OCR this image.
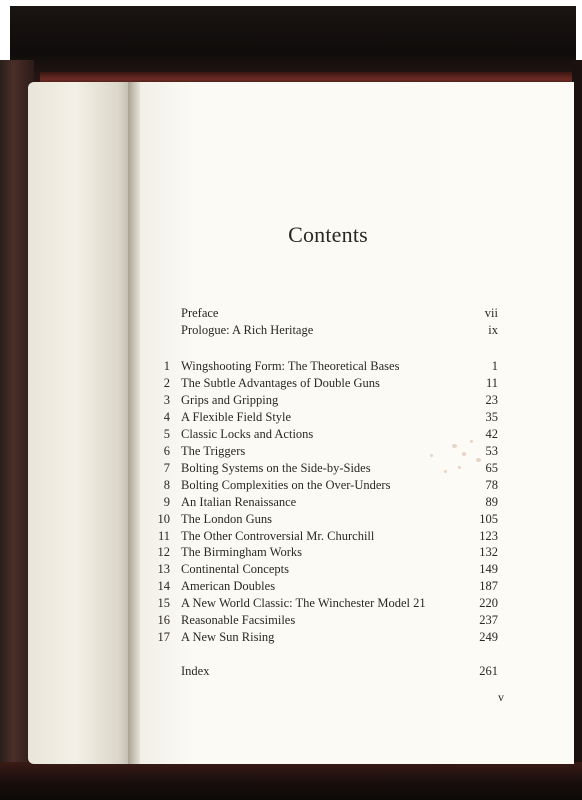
Contents
Preface	vii
Prologue: A Rich Heritage	ix
1 Wingshooting Form: The Theoretical Bases	1
2 The Subtle Advantages of Double Guns	11
3 Grips and Gripping	23
4 A Flexible Field Style	35
5 Classic Locks and Actions	42
6 The Triggers	53
7 Bolting Systems on the Side-by-Sides	65
8 Bolting Complexities on the Over-Unders	78
9 An Italian Renaissance	89
10 The London Guns	105
11 The Other Controversial Mr. Churchill	123
12 The Birmingham Works	132
13 Continental Concepts	149
14 American Doubles	187
15 A New World Classic: The Winchester Model 21	220
16 Reasonable Facsimiles	237
17 A New Sun Rising	249
Index	261
v
